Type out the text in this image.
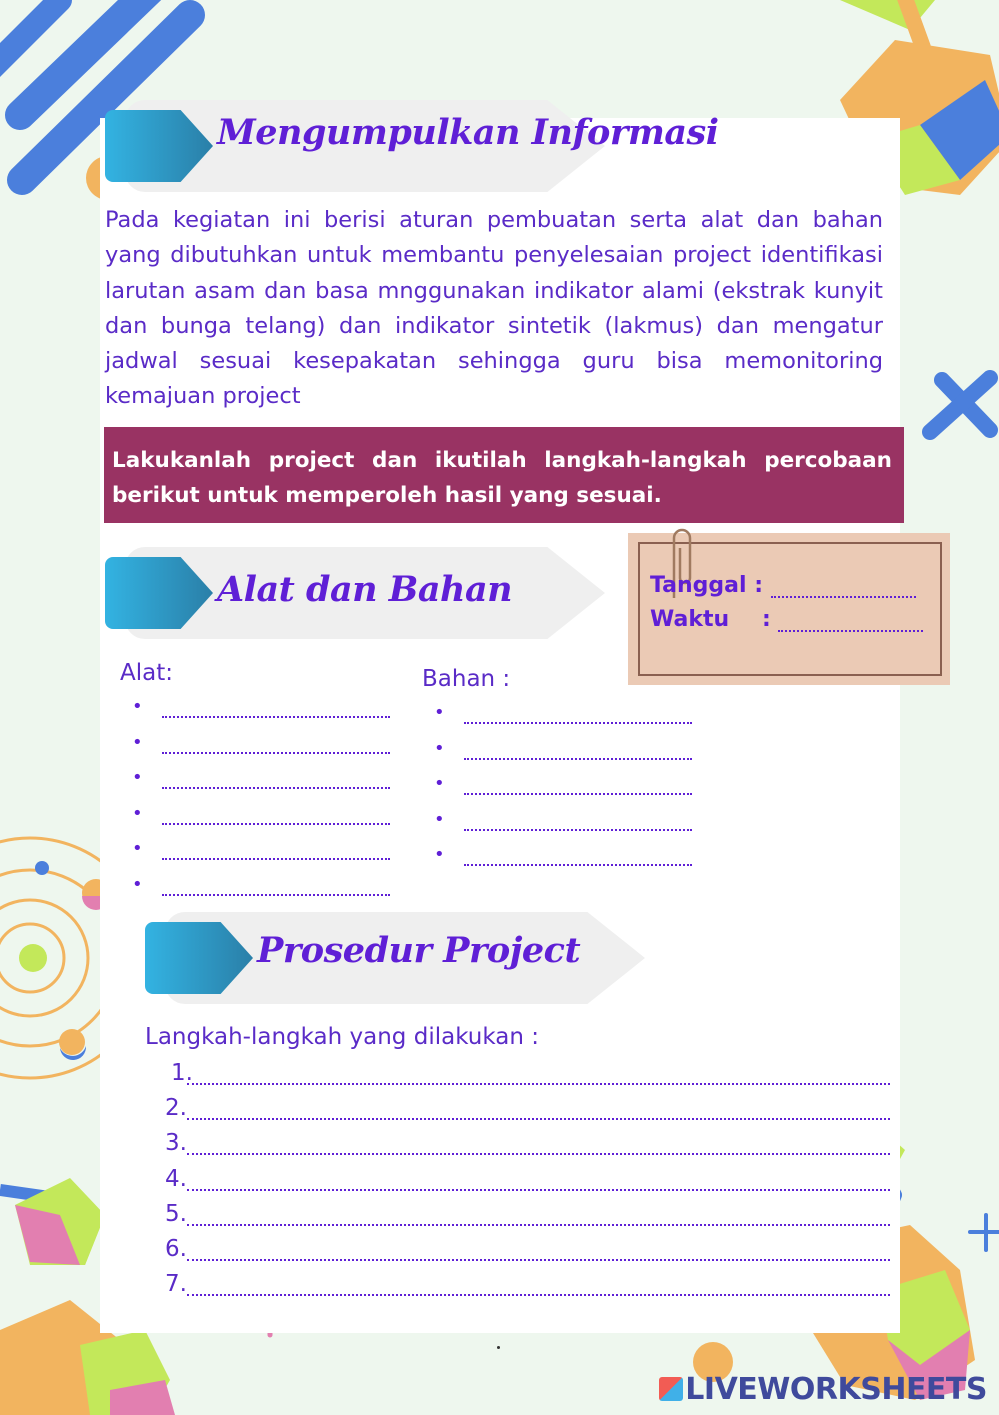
Mengumpulkan Informasi
Pada kegiatan ini berisi aturan pembuatan serta alat dan bahan yang dibutuhkan untuk membantu penyelesaian project identifikasi larutan asam dan basa mnggunakan indikator alami (ekstrak kunyit dan bunga telang) dan indikator sintetik (lakmus) dan mengatur jadwal sesuai kesepakatan sehingga guru bisa memonitoring kemajuan project

Lakukanlah project dan ikutilah langkah-langkah percobaan berikut untuk memperoleh hasil yang sesuai.

Alat dan Bahan	Tanggal :
Waktu :
Alat:
•
•
•
•
•
•
Bahan :
•
•
•
•
•
Prosedur Project
Langkah-langkah yang dilakukan :
1.
2.
3.
4.
5.
6.
7.
LIVEWORKSHEETS
